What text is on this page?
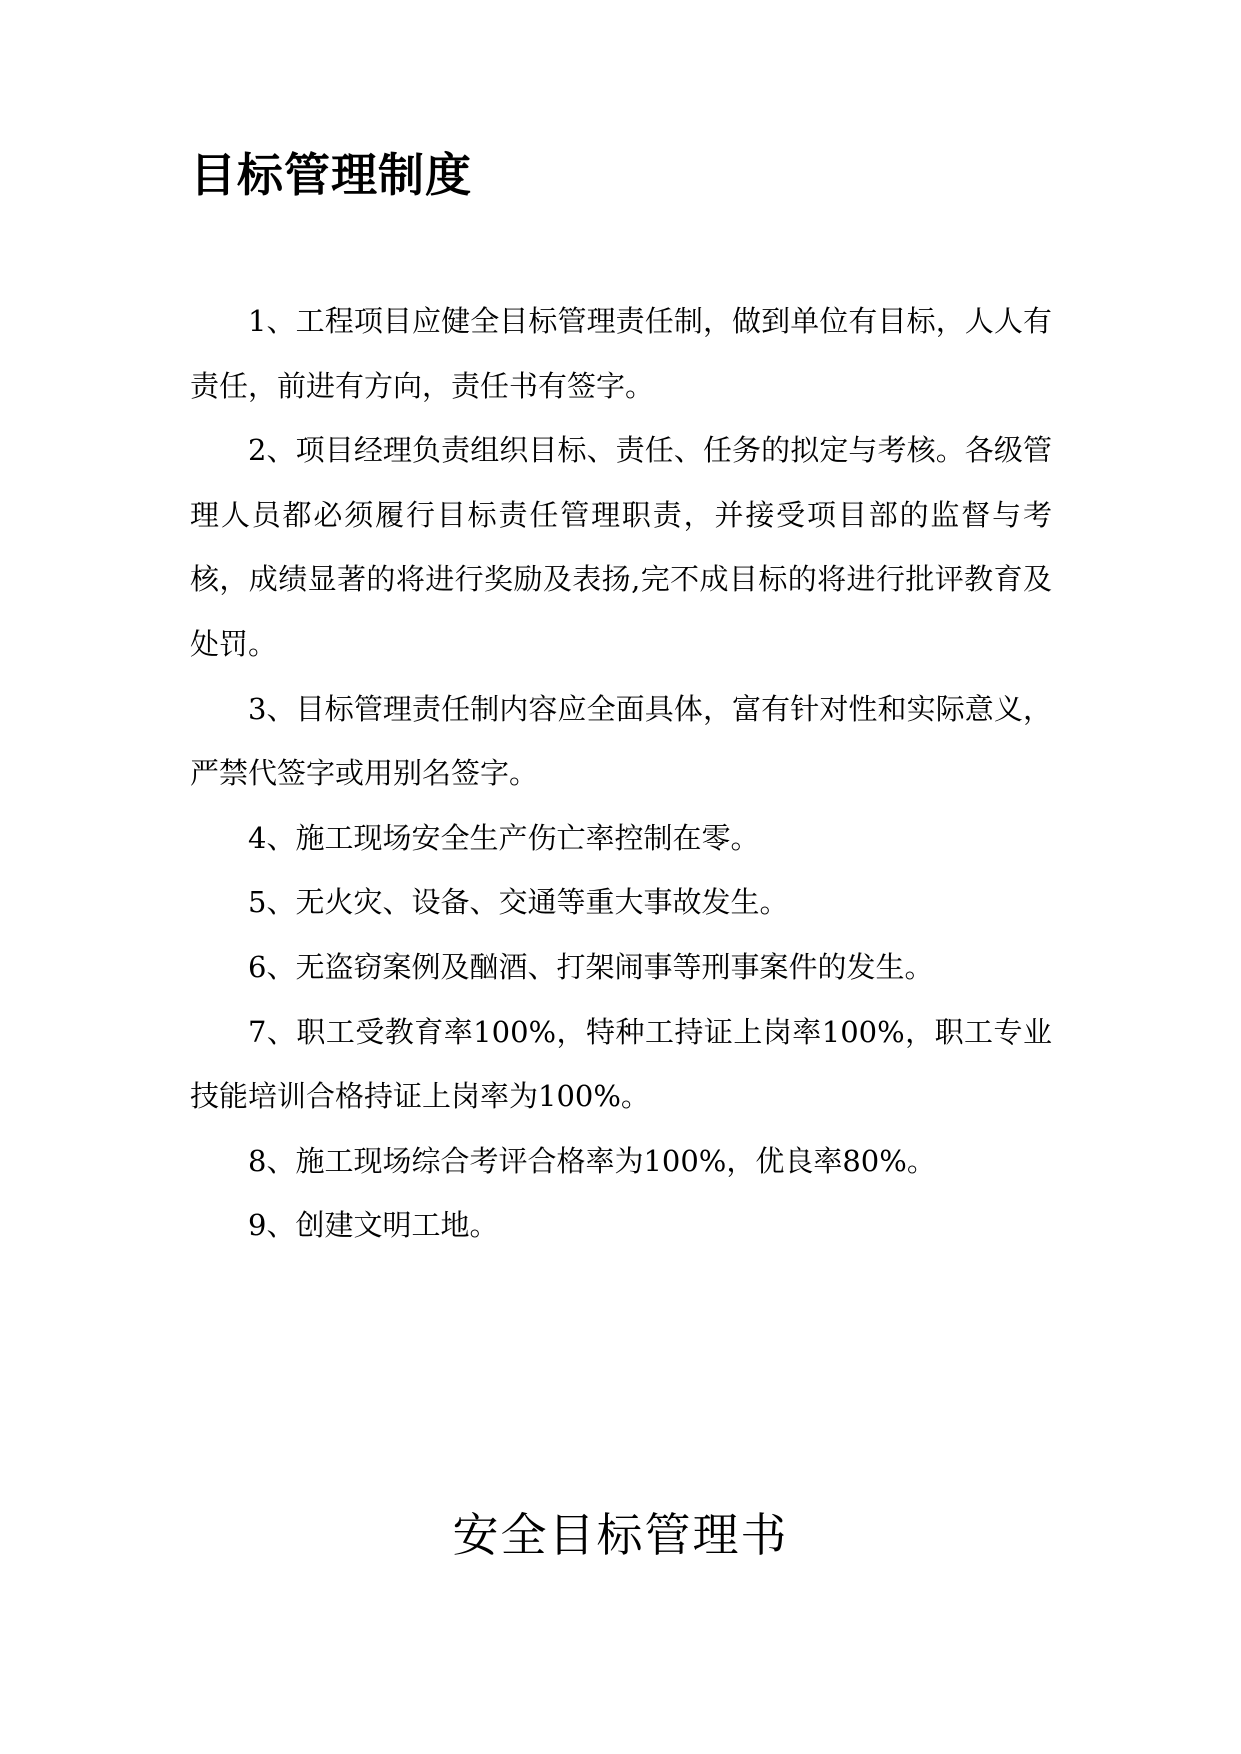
目标管理制度

1、工程项目应健全目标管理责任制，做到单位有目标，人人有责任，前进有方向，责任书有签字。

2、项目经理负责组织目标、责任、任务的拟定与考核。各级管理人员都必须履行目标责任管理职责，并接受项目部的监督与考核，成绩显著的将进行奖励及表扬,完不成目标的将进行批评教育及处罚。

3、目标管理责任制内容应全面具体，富有针对性和实际意义，严禁代签字或用别名签字。

4、施工现场安全生产伤亡率控制在零。

5、无火灾、设备、交通等重大事故发生。

6、无盗窃案例及酗酒、打架闹事等刑事案件的发生。

7、职工受教育率100%，特种工持证上岗率100%，职工专业技能培训合格持证上岗率为100%。

8、施工现场综合考评合格率为100%，优良率80%。

9、创建文明工地。

安全目标管理书
